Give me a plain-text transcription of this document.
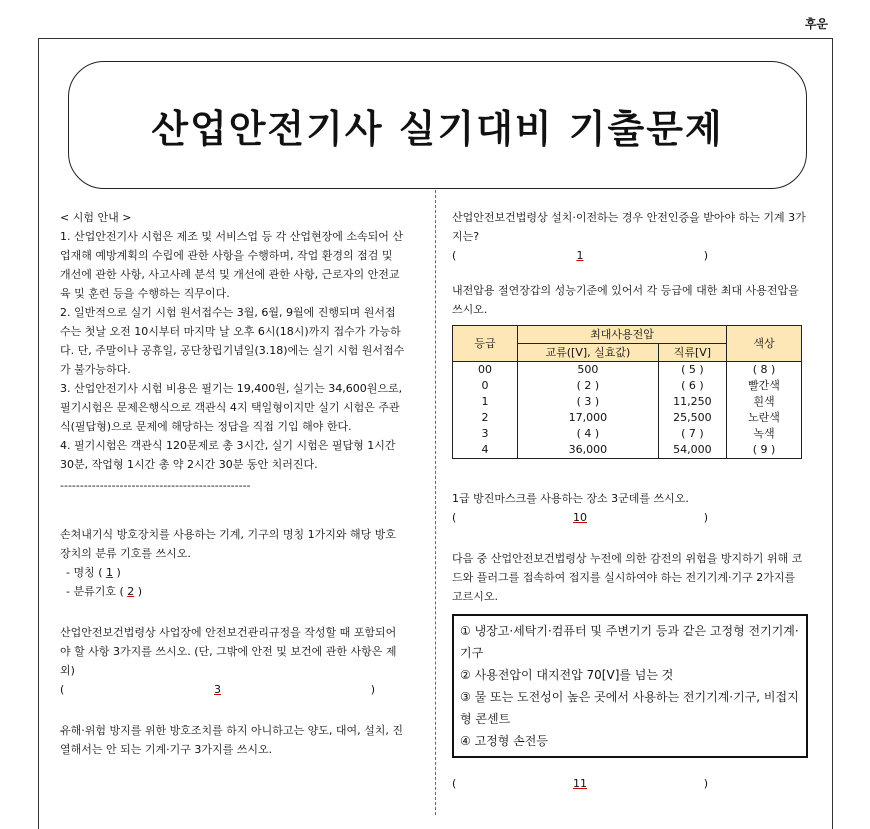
후운
산업안전기사 실기대비 기출문제

< 시험 안내 >

1. 산업안전기사 시험은 제조 및 서비스업 등 각 산업현장에 소속되어 산업재해 예방계획의 수립에 관한 사항을 수행하며, 작업 환경의 점검 및 개선에 관한 사항, 사고사례 분석 및 개선에 관한 사항, 근로자의 안전교육 및 훈련 등을 수행하는 직무이다.

2. 일반적으로 실기 시험 원서접수는 3월, 6월, 9월에 진행되며 원서접수는 첫날 오전 10시부터 마지막 날 오후 6시(18시)까지 접수가 가능하다. 단, 주말이나 공휴일, 공단창립기념일(3.18)에는 실기 시험 원서접수가 불가능하다.

3. 산업안전기사 시험 비용은 필기는 19,400원, 실기는 34,600원으로, 필기시험은 문제은행식으로 객관식 4지 택일형이지만 실기 시험은 주관식(필답형)으로 문제에 해당하는 정답을 직접 기입 해야 한다.

4. 필기시험은 객관식 120문제로 총 3시간, 실기 시험은 필답형 1시간 30분, 작업형 1시간 총 약 2시간 30분 동안 치러진다.

------------------------------------------------

손쳐내기식 방호장치를 사용하는 기계, 기구의 명칭 1가지와 해당 방호장치의 분류 기호를 쓰시오.

- 명칭 ( 1 )

- 분류기호 ( 2 )

산업안전보건법령상 사업장에 안전보건관리규정을 작성할 때 포함되어야 할 사항 3가지를 쓰시오. (단, 그밖에 안전 및 보건에 관한 사항은 제외)

(	3	)

유해·위험 방지를 위한 방호조치를 하지 아니하고는 양도, 대여, 설치, 진열해서는 안 되는 기계·기구 3가지를 쓰시오.

산업안전보건법령상 설치·이전하는 경우 안전인증을 받아야 하는 기계 3가지는?

(	1	)

내전압용 절연장갑의 성능기준에 있어서 각 등급에 대한 최대 사용전압을 쓰시오.

등급	최대사용전압		색상
	교류([V], 실효값)	직류[V]	
00	500	( 5 )	( 8 )
0	( 2 )	( 6 )	빨간색
1	( 3 )	11,250	흰색
2	17,000	25,500	노란색
3	( 4 )	( 7 )	녹색
4	36,000	54,000	( 9 )

1급 방진마스크를 사용하는 장소 3군데를 쓰시오.

(	10	)

다음 중 산업안전보건법령상 누전에 의한 감전의 위험을 방지하기 위해 코드와 플러그를 접속하여 접지를 실시하여야 하는 전기기계·기구 2가지를 고르시오.

① 냉장고·세탁기·컴퓨터 및 주변기기 등과 같은 고정형 전기기계·기구

② 사용전압이 대지전압 70[V]를 넘는 것

③ 물 또는 도전성이 높은 곳에서 사용하는 전기기계·기구, 비접지형 콘센트

④ 고정형 손전등

(	11	)
